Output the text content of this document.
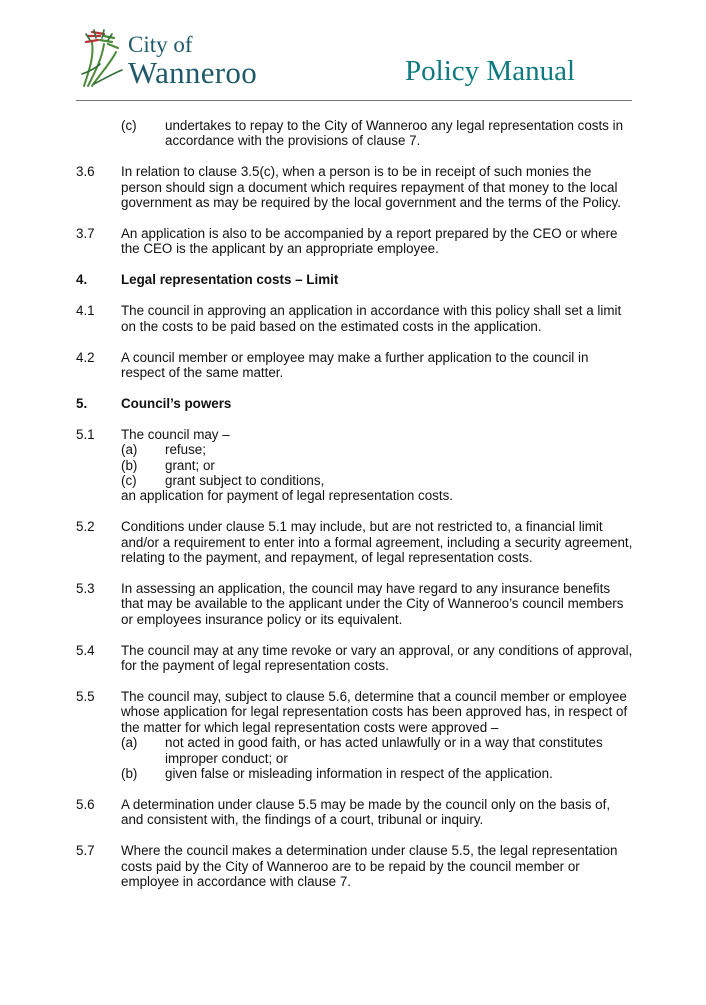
City of
Wanneroo	Policy Manual
(c) undertakes to repay to the City of Wanneroo any legal representation costs in accordance with the provisions of clause 7.
3.6 In relation to clause 3.5(c), when a person is to be in receipt of such monies the person should sign a document which requires repayment of that money to the local government as may be required by the local government and the terms of the Policy.
3.7 An application is also to be accompanied by a report prepared by the CEO or where the CEO is the applicant by an appropriate employee.
4.	Legal representation costs – Limit
4.1 The council in approving an application in accordance with this policy shall set a limit on the costs to be paid based on the estimated costs in the application.
4.2 A council member or employee may make a further application to the council in respect of the same matter.
5.	Council’s powers
5.1 The council may –
(a) refuse;
(b) grant; or
(c) grant subject to conditions,
an application for payment of legal representation costs.
5.2 Conditions under clause 5.1 may include, but are not restricted to, a financial limit and/or a requirement to enter into a formal agreement, including a security agreement, relating to the payment, and repayment, of legal representation costs.
5.3 In assessing an application, the council may have regard to any insurance benefits that may be available to the applicant under the City of Wanneroo’s council members or employees insurance policy or its equivalent.
5.4 The council may at any time revoke or vary an approval, or any conditions of approval, for the payment of legal representation costs.
5.5 The council may, subject to clause 5.6, determine that a council member or employee whose application for legal representation costs has been approved has, in respect of the matter for which legal representation costs were approved –
(a) not acted in good faith, or has acted unlawfully or in a way that constitutes improper conduct; or
(b) given false or misleading information in respect of the application.
5.6 A determination under clause 5.5 may be made by the council only on the basis of, and consistent with, the findings of a court, tribunal or inquiry.
5.7 Where the council makes a determination under clause 5.5, the legal representation costs paid by the City of Wanneroo are to be repaid by the council member or employee in accordance with clause 7.
